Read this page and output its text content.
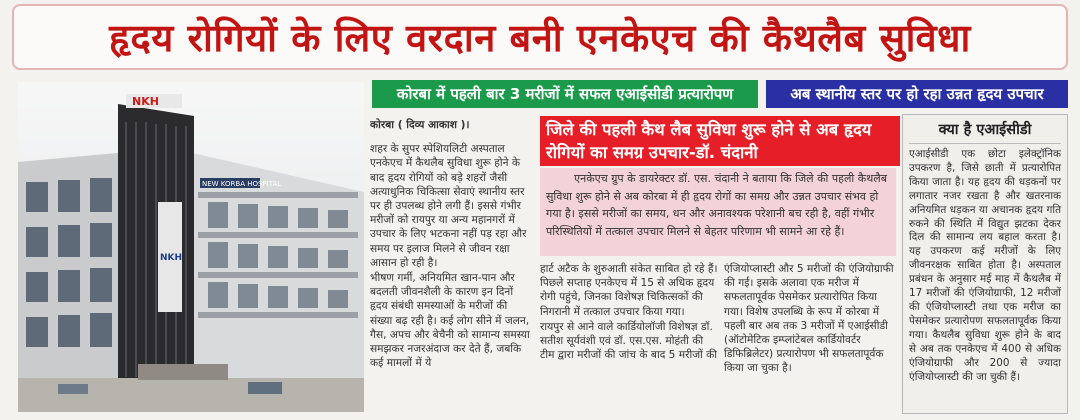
हृदय रोगियों के लिए वरदान बनी एनकेएच की कैथलैब सुविधा
NEW KORBA HOSPITAL
NKH
NKH	कोरबा में पहली बार 3 मरीजों में सफल एआईसीडी प्रत्यारोपण	अब स्थानीय स्तर पर हो रहा उन्नत हृदय उपचार

कोरबा ( दिव्य आकाश )।

शहर के सुपर स्पेशियलिटी अस्पताल एनकेएच में कैथलैब सुविधा शुरू होने के बाद हृदय रोगियों को बड़े शहरों जैसी अत्याधुनिक चिकित्सा सेवाएं स्थानीय स्तर पर ही उपलब्ध होने लगी हैं। इससे गंभीर मरीजों को रायपुर या अन्य महानगरों में उपचार के लिए भटकना नहीं पड़ रहा और समय पर इलाज मिलने से जीवन रक्षा आसान हो रही है।

भीषण गर्मी, अनियमित खान-पान और बदलती जीवनशैली के कारण इन दिनों हृदय संबंधी समस्याओं के मरीजों की संख्या बढ़ रही है। कई लोग सीने में जलन, गैस, अपच और बेचैनी को सामान्य समस्या समझकर नजरअंदाज कर देते हैं, जबकि कई मामलों में ये

जिले की पहली कैथ लैब सुविधा शुरू होने से अब हृदय रोगियों का समग्र उपचार-डॉ. चंदानी
एनकेएच ग्रुप के डायरेक्टर डॉ. एस. चंदानी ने बताया कि जिले की पहली कैथलैब सुविधा शुरू होने से अब कोरबा में ही हृदय रोगों का समग्र और उन्नत उपचार संभव हो गया है। इससे मरीजों का समय, धन और अनावश्यक परेशानी बच रही है, वहीं गंभीर परिस्थितियों में तत्काल उपचार मिलने से बेहतर परिणाम भी सामने आ रहे हैं।

हार्ट अटैक के शुरुआती संकेत साबित हो रहे हैं। पिछले सप्ताह एनकेएच में 15 से अधिक हृदय रोगी पहुंचे, जिनका विशेषज्ञ चिकित्सकों की निगरानी में तत्काल उपचार किया गया।

रायपुर से आने वाले कार्डियोलॉजी विशेषज्ञ डॉ. सतीश सूर्यवंशी एवं डॉ. एस.एस. मोहंती की टीम द्वारा मरीजों की जांच के बाद 5 मरीजों की

एंजियोप्लास्टी और 5 मरीजों की एंजियोग्राफी की गई। इसके अलावा एक मरीज में सफलतापूर्वक पेसमेकर प्रत्यारोपित किया गया। विशेष उपलब्धि के रूप में कोरबा में पहली बार अब तक 3 मरीजों में एआईसीडी (ऑटोमेटिक इम्प्लांटेबल कार्डियोवर्टर डिफिब्रिलेटर) प्रत्यारोपण भी सफलतापूर्वक किया जा चुका है।

क्या है एआईसीडी
एआईसीडी एक छोटा इलेक्ट्रॉनिक उपकरण है, जिसे छाती में प्रत्यारोपित किया जाता है। यह हृदय की धड़कनों पर लगातार नजर रखता है और खतरनाक अनियमित धड़कन या अचानक हृदय गति रुकने की स्थिति में विद्युत झटका देकर दिल की सामान्य लय बहाल करता है। यह उपकरण कई मरीजों के लिए जीवनरक्षक साबित होता है। अस्पताल प्रबंधन के अनुसार मई माह में कैथलैब में 17 मरीजों की एंजियोग्राफी, 12 मरीजों की एंजियोप्लास्टी तथा एक मरीज का पेसमेकर प्रत्यारोपण सफलतापूर्वक किया गया। कैथलैब सुविधा शुरू होने के बाद से अब तक एनकेएच में 400 से अधिक एंजियोग्राफी और 200 से ज्यादा एंजियोप्लास्टी की जा चुकी हैं।
